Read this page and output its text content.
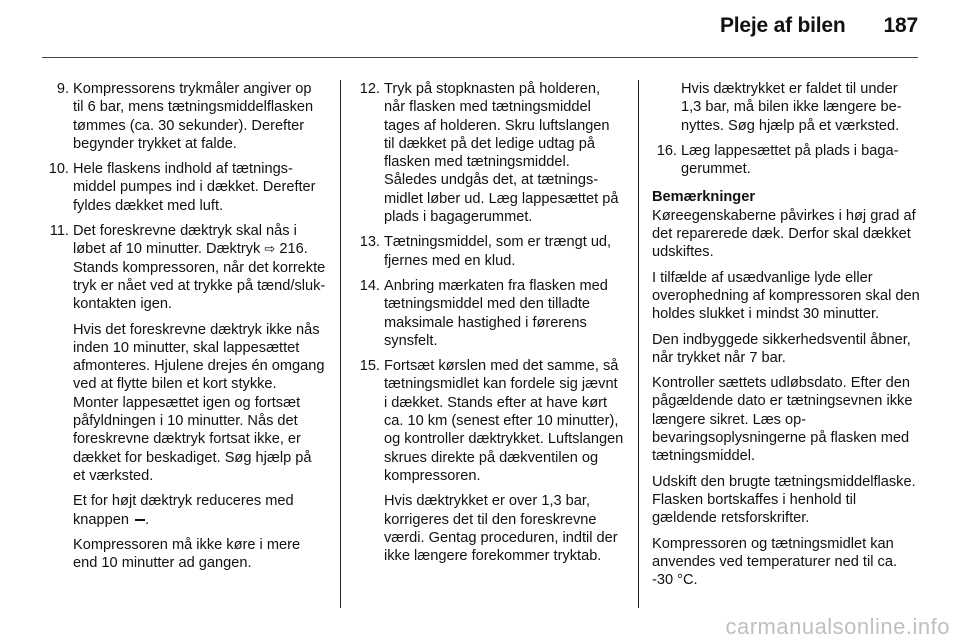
Pleje af bilen 187
9. Kompressorens trykmåler angiver op til 6 bar, mens tætningsmiddelflasken tømmes (ca. 30 sekunder). Derefter begynder trykket at falde.
10. Hele flaskens indhold af tætningsmiddel pumpes ind i dækket. Derefter fyldes dækket med luft.
11. Det foreskrevne dæktryk skal nås i løbet af 10 minutter. Dæktryk ⇨ 216. Stands kompressoren, når det korrekte tryk er nået ved at trykke på tænd/sluk-kontakten igen.
Hvis det foreskrevne dæktryk ikke nås inden 10 minutter, skal lappesættet afmonteres. Hjulene drejes én omgang ved at flytte bilen et kort stykke. Monter lappesættet igen og fortsæt påfyldningen i 10 minutter. Nås det foreskrevne dæktryk fortsat ikke, er dækket for beskadiget. Søg hjælp på et værksted.
Et for højt dæktryk reduceres med knappen .
Kompressoren må ikke køre i mere end 10 minutter ad gangen.
12. Tryk på stopknasten på holderen, når flasken med tætningsmiddel tages af holderen. Skru luftslangen til dækket på det ledige udtag på flasken med tætningsmiddel. Således undgås det, at tætningsmidlet løber ud. Læg lappesættet på plads i bagagerummet.
13. Tætningsmiddel, som er trængt ud, fjernes med en klud.
14. Anbring mærkaten fra flasken med tætningsmiddel med den tilladte maksimale hastighed i førerens synsfelt.
15. Fortsæt kørslen med det samme, så tætningsmidlet kan fordele sig jævnt i dækket. Stands efter at have kørt ca. 10 km (senest efter 10 minutter), og kontroller dæktrykket. Luftslangen skrues direkte på dækventilen og kompressoren.
Hvis dæktrykket er over 1,3 bar, korrigeres det til den foreskrevne værdi. Gentag proceduren, indtil der ikke længere forekommer tryktab.
Hvis dæktrykket er faldet til under 1,3 bar, må bilen ikke længere benyttes. Søg hjælp på et værksted.
16. Læg lappesættet på plads i bagagerummet.
Bemærkninger
Køreegenskaberne påvirkes i høj grad af det reparerede dæk. Derfor skal dækket udskiftes.
I tilfælde af usædvanlige lyde eller overophedning af kompressoren skal den holdes slukket i mindst 30 minutter.
Den indbyggede sikkerhedsventil åbner, når trykket når 7 bar.
Kontroller sættets udløbsdato. Efter den pågældende dato er tætningsevnen ikke længere sikret. Læs opbevaringsoplysningerne på flasken med tætningsmiddel.
Udskift den brugte tætningsmiddelflaske. Flasken bortskaffes i henhold til gældende retsforskrifter.
Kompressoren og tætningsmidlet kan anvendes ved temperaturer ned til ca. -30 °C.
carmanualsonline.info
